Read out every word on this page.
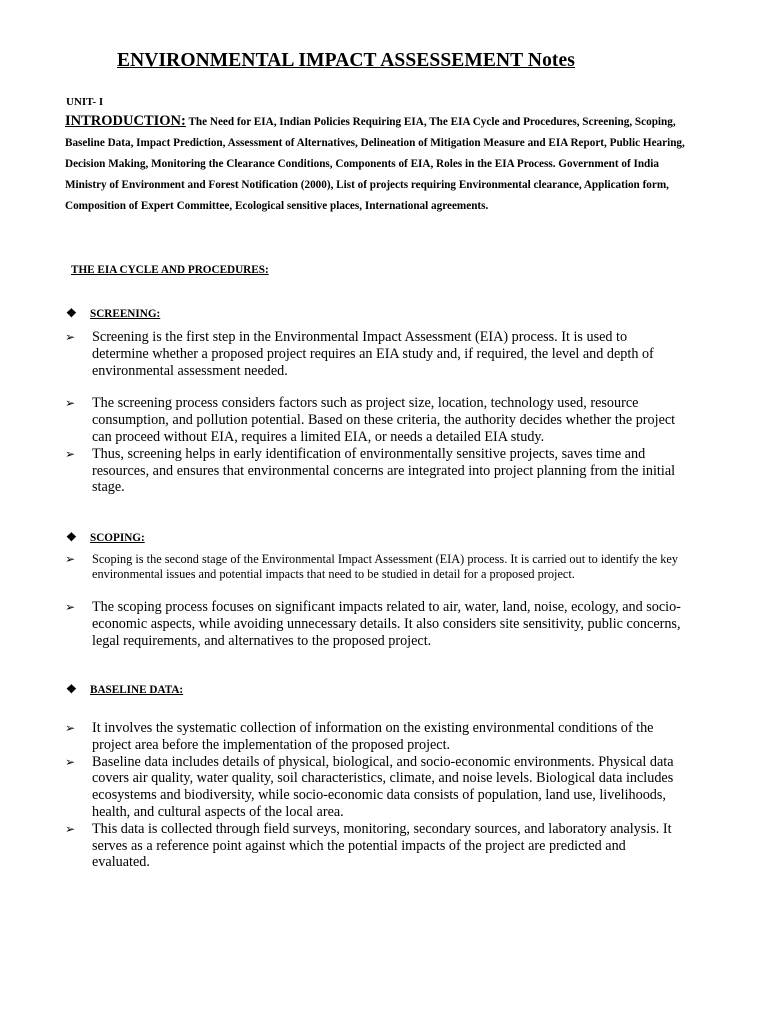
ENVIRONMENTAL IMPACT ASSESSEMENT Notes

UNIT- I

INTRODUCTION: The Need for EIA, Indian Policies Requiring EIA, The EIA Cycle and Procedures, Screening, Scoping, Baseline Data, Impact Prediction, Assessment of Alternatives, Delineation of Mitigation Measure and EIA Report, Public Hearing, Decision Making, Monitoring the Clearance Conditions, Components of EIA, Roles in the EIA Process. Government of India Ministry of Environment and Forest Notification (2000), List of projects requiring Environmental clearance, Application form, Composition of Expert Committee, Ecological sensitive places, International agreements.

THE EIA CYCLE AND PROCEDURES:

❖ SCREENING:

➢ Screening is the first step in the Environmental Impact Assessment (EIA) process. It is used to determine whether a proposed project requires an EIA study and, if required, the level and depth of environmental assessment needed.
➢ The screening process considers factors such as project size, location, technology used, resource consumption, and pollution potential. Based on these criteria, the authority decides whether the project can proceed without EIA, requires a limited EIA, or needs a detailed EIA study.
➢ Thus, screening helps in early identification of environmentally sensitive projects, saves time and resources, and ensures that environmental concerns are integrated into project planning from the initial stage.

❖ SCOPING:

➢ Scoping is the second stage of the Environmental Impact Assessment (EIA) process. It is carried out to identify the key environmental issues and potential impacts that need to be studied in detail for a proposed project.
➢ The scoping process focuses on significant impacts related to air, water, land, noise, ecology, and socio-economic aspects, while avoiding unnecessary details. It also considers site sensitivity, public concerns, legal requirements, and alternatives to the proposed project.

❖ BASELINE DATA:

➢ It involves the systematic collection of information on the existing environmental conditions of the project area before the implementation of the proposed project.
➢ Baseline data includes details of physical, biological, and socio-economic environments. Physical data covers air quality, water quality, soil characteristics, climate, and noise levels. Biological data includes ecosystems and biodiversity, while socio-economic data consists of population, land use, livelihoods, health, and cultural aspects of the local area.
➢ This data is collected through field surveys, monitoring, secondary sources, and laboratory analysis. It serves as a reference point against which the potential impacts of the project are predicted and evaluated.
